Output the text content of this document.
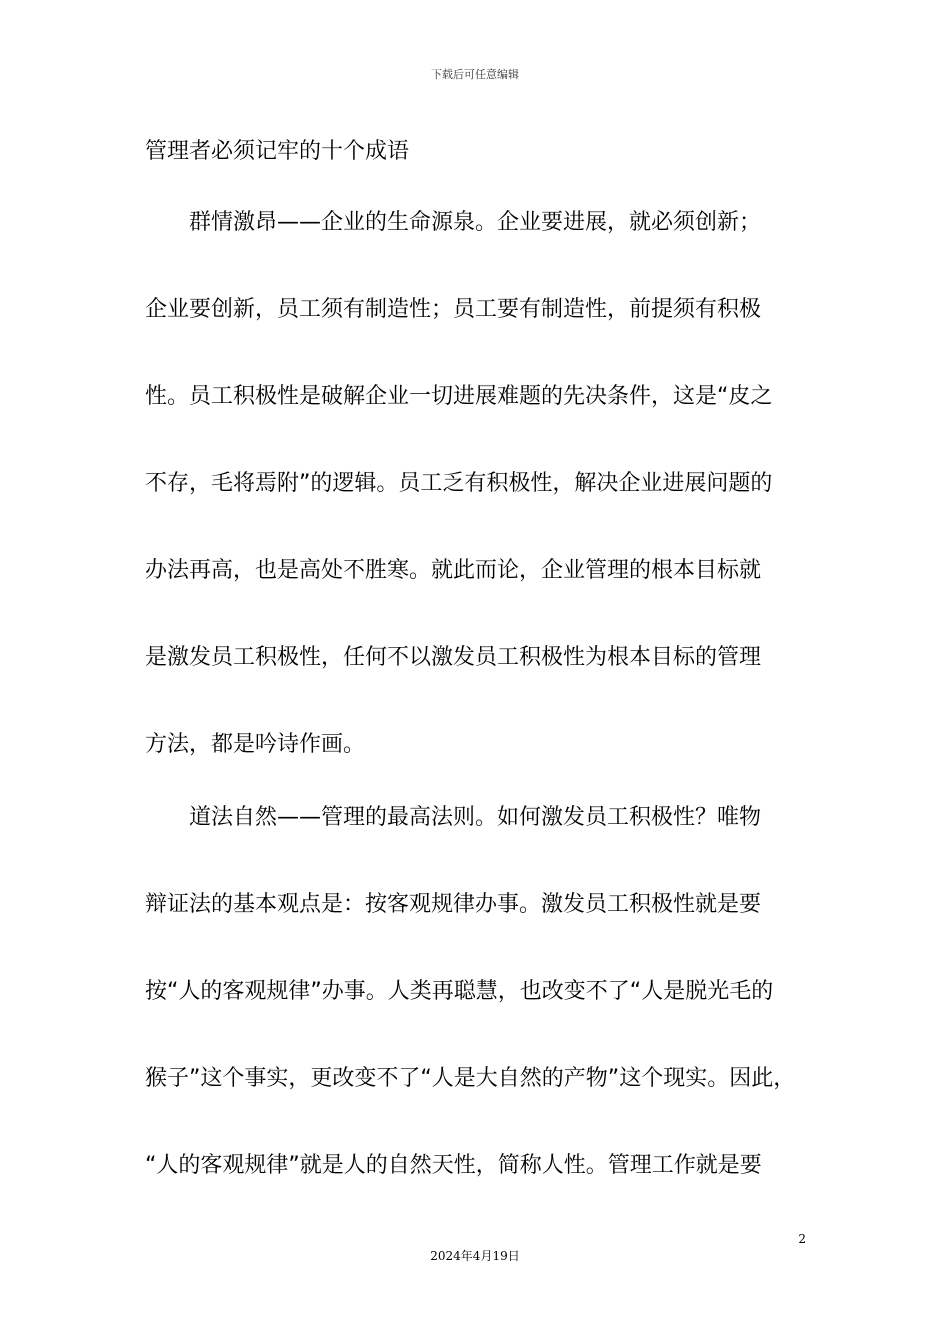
下载后可任意编辑
管理者必须记牢的十个成语
　　群情激昂——企业的生命源泉。企业要进展，就必须创新；
企业要创新，员工须有制造性；员工要有制造性，前提须有积极
性。员工积极性是破解企业一切进展难题的先决条件，这是“皮之
不存，毛将焉附”的逻辑。员工乏有积极性，解决企业进展问题的
办法再高，也是高处不胜寒。就此而论，企业管理的根本目标就
是激发员工积极性，任何不以激发员工积极性为根本目标的管理
方法，都是吟诗作画。
　　道法自然——管理的最高法则。如何激发员工积极性？唯物
辩证法的基本观点是：按客观规律办事。激发员工积极性就是要
按“人的客观规律”办事。人类再聪慧，也改变不了“人是脱光毛的
猴子”这个事实，更改变不了“人是大自然的产物”这个现实。因此，
“人的客观规律”就是人的自然天性，简称人性。管理工作就是要
2
2024年4月19日
